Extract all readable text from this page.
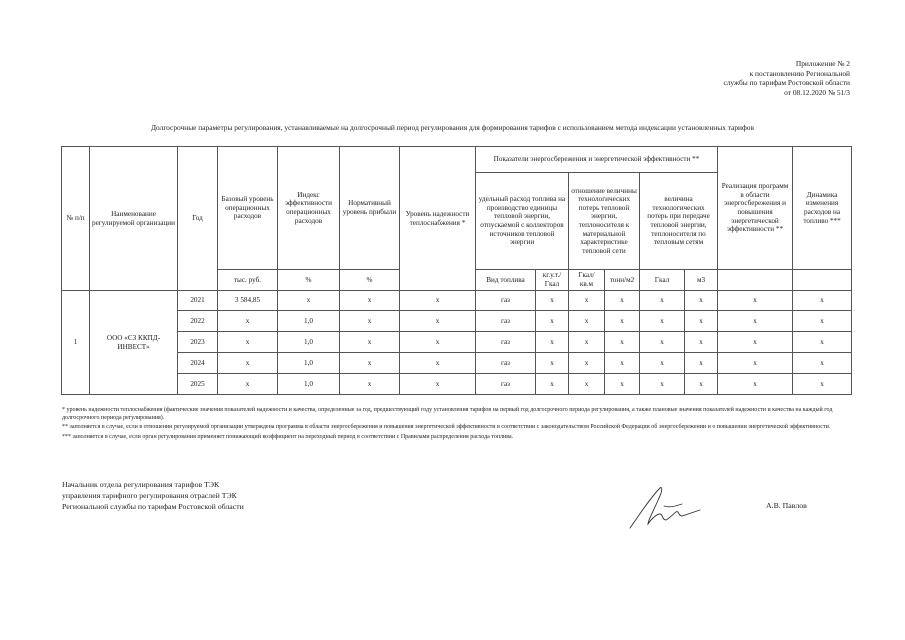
Приложение № 2
к постановлению Региональной
службы по тарифам Ростовской области
от 08.12.2020 № 51/3
Долгосрочные параметры регулирования, устанавливаемые на долгосрочный период регулирования для формирования тарифов с использованием метода индексации установленных тарифов
№ п/п	Наименование регулируемой организации	Год	Базовый уровень операционных расходов	Индекс эффективности операционных расходов	Нормативный уровень прибыли	Уровень надежности теплоснабжения *	Показатели энергосбережения и энергетической эффективности **						Реализация программ в области энергосбережения и повышения энергетической эффективности **	Динамика изменения расходов на топливо ***
							удельный расход топлива на производство единицы тепловой энергии, отпускаемой с коллекторов источников тепловой энергии		отношение величины технологических потерь тепловой энергии, теплоносителя к материальной характеристике тепловой сети		величина технологических потерь при передаче тепловой энергии, теплоносителя по тепловым сетям			
			тыс. руб.	%	%		Вид топлива	кг.у.т./Гкал	Гкал/ кв.м	тонн/м2	Гкал	м3		
1	ООО «СЗ ККПД-ИНВЕСТ»	2021	3 584,85	х	х	х	газ	х	х	х	х	х	х	х
		2022	х	1,0	х	х	газ	х	х	х	х	х	х	х
		2023	х	1,0	х	х	газ	х	х	х	х	х	х	х
		2024	х	1,0	х	х	газ	х	х	х	х	х	х	х
		2025	х	1,0	х	х	газ	х	х	х	х	х	х	х

* уровень надежности теплоснабжения (фактические значения показателей надежности и качества, определенные за год, предшествующий году установления тарифов на первый год долгосрочного периода регулирования, а также плановые значения показателей надежности и качества на каждый год долгосрочного периода регулирования).

** заполняется в случае, если в отношении регулируемой организации утверждена программа в области энергосбережения и повышения энергетической эффективности в соответствии с законодательством Российской Федерации об энергосбережении и о повышении энергетической эффективности.

*** заполняется в случае, если орган регулирования применяет понижающий коэффициент на переходный период в соответствии с Правилами распределения расхода топлива.

Начальник отдела регулирования тарифов ТЭК
управления тарифного регулирования отраслей ТЭК
Региональной службы по тарифам Ростовской области	А.В. Павлов
